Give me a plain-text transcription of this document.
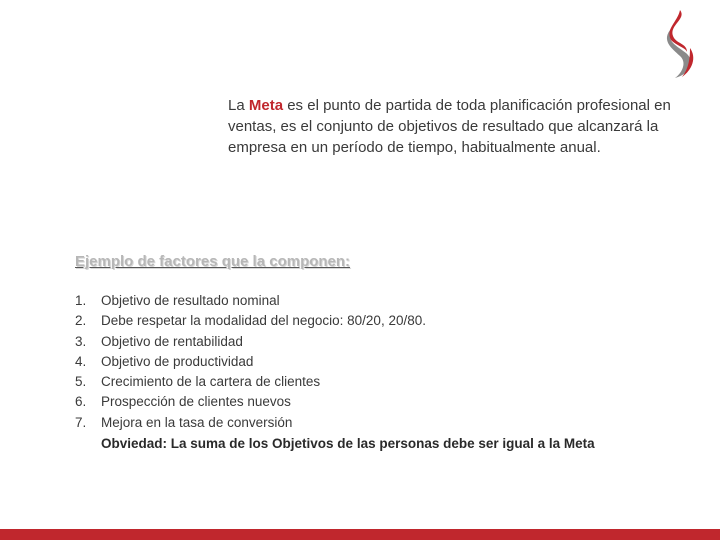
La Meta es el punto de partida de toda planificación profesional en ventas, es el conjunto de objetivos de resultado que alcanzará la empresa en un período de tiempo, habitualmente anual.

Ejemplo de factores que la componen:
1. Objetivo de resultado nominal
2. Debe respetar la modalidad del negocio: 80/20, 20/80.
3. Objetivo de rentabilidad
4. Objetivo de productividad
5. Crecimiento de la cartera de clientes
6. Prospección de clientes nuevos
7. Mejora en la tasa de conversión

Obviedad: La suma de los Objetivos de las personas debe ser igual a la Meta
